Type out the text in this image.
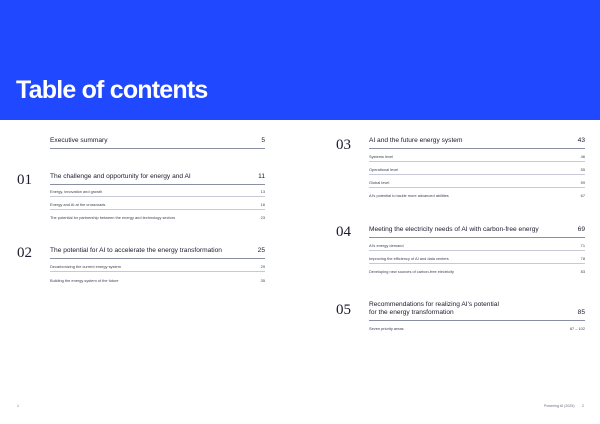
Table of contents
Executive summary	5
01	The challenge and opportunity for energy and AI	11
Energy, innovation and growth	13
Energy and AI at the crossroads	16
The potential for partnership between the energy and technology sectors	23
02	The potential for AI to accelerate the energy transformation	25
Decarbonizing the current energy system	29
Building the energy system of the future	35
03	AI and the future energy system	43
Systems level	46
Operational level	55
Global level	59
AI's potential to tackle more advanced abilities	67
04	Meeting the electricity needs of AI with carbon-free energy	69
AI's energy demand	71
Improving the efficiency of AI and data centers	78
Developing new sources of carbon-free electricity	83
05	Recommendations for realizing AI's potential
for the energy transformation	85
Seven priority areas	87 – 102
1	Powering AI (2025) 2
